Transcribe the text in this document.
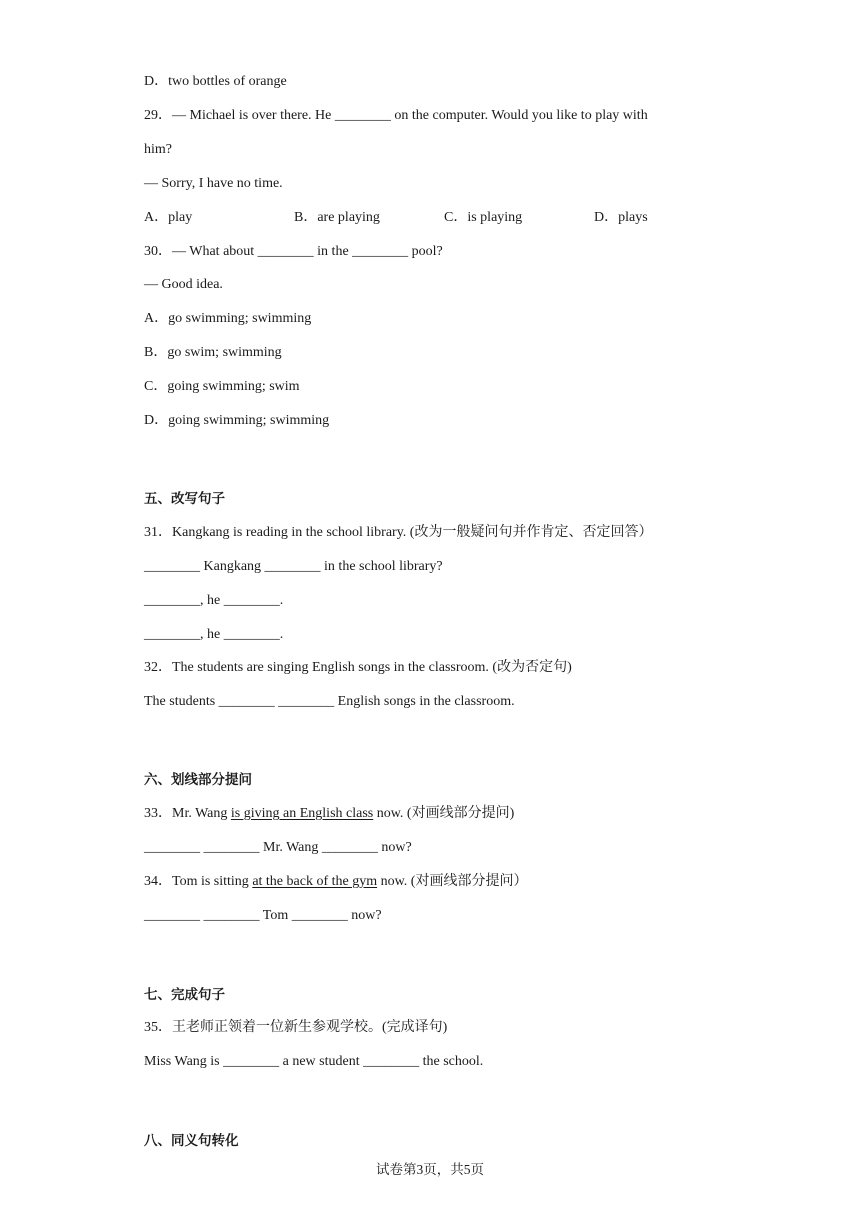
D．two bottles of orange
29．— Michael is over there. He ________ on the computer. Would you like to play with
him?
— Sorry, I have no time.
A．play	B．are playing	C．is playing	D．plays
30．— What about ________ in the ________ pool?
— Good idea.
A．go swimming; swimming
B．go swim; swimming
C．going swimming; swim
D．going swimming; swimming
五、改写句子
31．Kangkang is reading in the school library. (改为一般疑问句并作肯定、否定回答）
________ Kangkang ________ in the school library?
________, he ________.
________, he ________.
32．The students are singing English songs in the classroom. (改为否定句)
The students ________ ________ English songs in the classroom.
六、划线部分提问
33．Mr. Wang is giving an English class now. (对画线部分提问)
________ ________ Mr. Wang ________ now?
34．Tom is sitting at the back of the gym now. (对画线部分提问）
________ ________ Tom ________ now?
七、完成句子
35．王老师正领着一位新生参观学校。(完成译句)
Miss Wang is ________ a new student ________ the school.
八、同义句转化
试卷第3页，共5页
